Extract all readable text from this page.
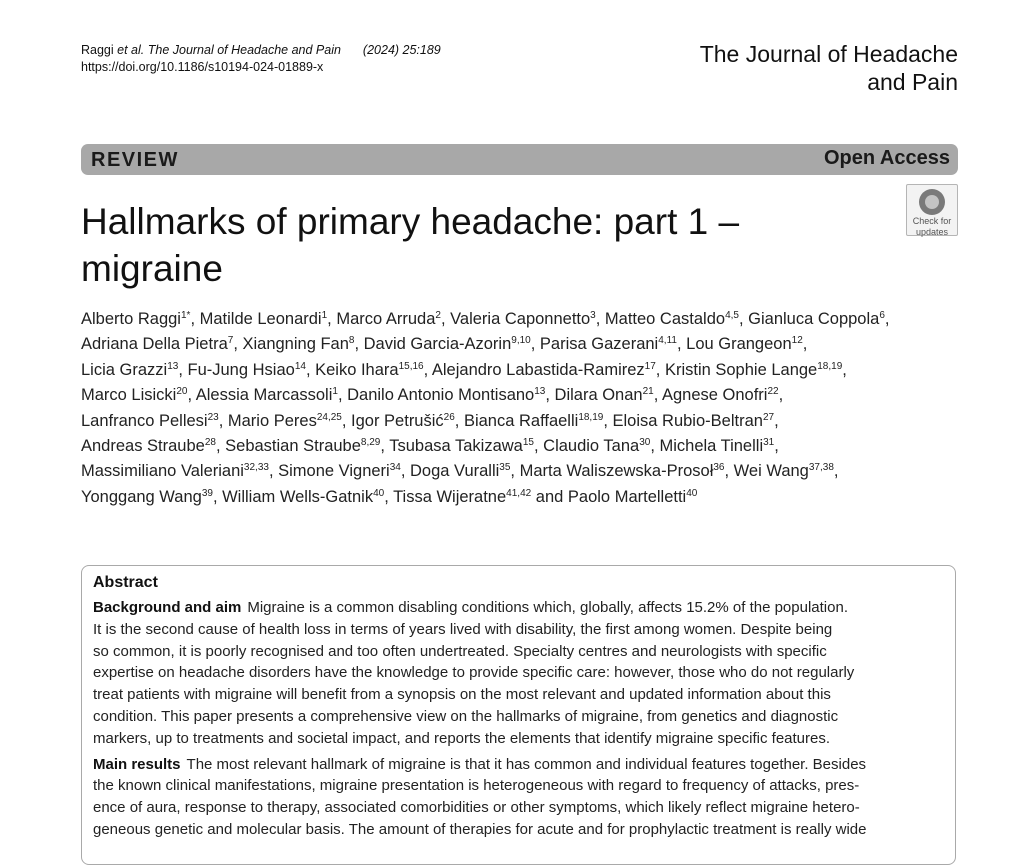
Raggi et al. The Journal of Headache and Pain (2024) 25:189
https://doi.org/10.1186/s10194-024-01889-x	The Journal of Headache
and Pain
REVIEW	Open Access
Hallmarks of primary headache: part 1 –
migraine
Check for
updates
Alberto Raggi$^{1*}$, Matilde Leonardi$^1$, Marco Arruda$^2$, Valeria Caponnetto$^3$, Matteo Castaldo$^{4,5}$, Gianluca Coppola$^6$,
Adriana Della Pietra$^7$, Xiangning Fan$^8$, David Garcia-Azorin$^{9,10}$, Parisa Gazerani$^{4,11}$, Lou Grangeon$^{12}$,
Licia Grazzi$^{13}$, Fu-Jung Hsiao$^{14}$, Keiko Ihara$^{15,16}$, Alejandro Labastida-Ramirez$^{17}$, Kristin Sophie Lange$^{18,19}$,
Marco Lisicki$^{20}$, Alessia Marcassoli$^1$, Danilo Antonio Montisano$^{13}$, Dilara Onan$^{21}$, Agnese Onofri$^{22}$,
Lanfranco Pellesi$^{23}$, Mario Peres$^{24,25}$, Igor Petrušić$^{26}$, Bianca Raffaelli$^{18,19}$, Eloisa Rubio-Beltran$^{27}$,
Andreas Straube$^{28}$, Sebastian Straube$^{8,29}$, Tsubasa Takizawa$^{15}$, Claudio Tana$^{30}$, Michela Tinelli$^{31}$,
Massimiliano Valeriani$^{32,33}$, Simone Vigneri$^{34}$, Doga Vuralli$^{35}$, Marta Waliszewska-Prosoł$^{36}$, Wei Wang$^{37,38}$,
Yonggang Wang$^{39}$, William Wells-Gatnik$^{40}$, Tissa Wijeratne$^{41,42}$ and Paolo Martelletti$^{40}$
Abstract
Background and aim Migraine is a common disabling conditions which, globally, affects 15.2% of the population.
It is the second cause of health loss in terms of years lived with disability, the first among women. Despite being
so common, it is poorly recognised and too often undertreated. Specialty centres and neurologists with specific
expertise on headache disorders have the knowledge to provide specific care: however, those who do not regularly
treat patients with migraine will benefit from a synopsis on the most relevant and updated information about this
condition. This paper presents a comprehensive view on the hallmarks of migraine, from genetics and diagnostic
markers, up to treatments and societal impact, and reports the elements that identify migraine specific features.
Main results The most relevant hallmark of migraine is that it has common and individual features together. Besides
the known clinical manifestations, migraine presentation is heterogeneous with regard to frequency of attacks, pres-
ence of aura, response to therapy, associated comorbidities or other symptoms, which likely reflect migraine hetero-
geneous genetic and molecular basis. The amount of therapies for acute and for prophylactic treatment is really wide
